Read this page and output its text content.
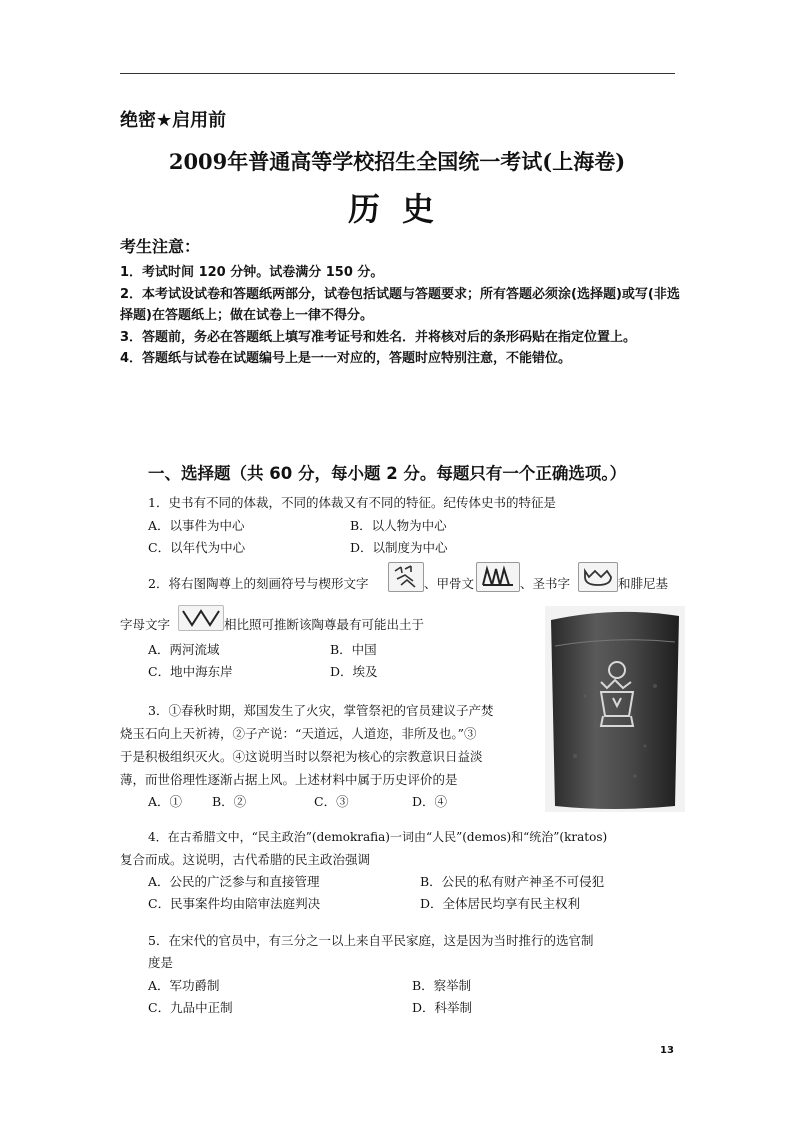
绝密★启用前
2009年普通高等学校招生全国统一考试(上海卷)
历史
考生注意：
1．考试时间 120 分钟。试卷满分 150 分。
2．本考试设试卷和答题纸两部分，试卷包括试题与答题要求；所有答题必须涂(选择题)或写(非选择题)在答题纸上；做在试卷上一律不得分。
3．答题前，务必在答题纸上填写准考证号和姓名．并将核对后的条形码贴在指定位置上。
4．答题纸与试卷在试题编号上是一一对应的，答题时应特别注意，不能错位。
一、选择题（共 60 分，每小题 2 分。每题只有一个正确选项。）
1．史书有不同的体裁，不同的体裁又有不同的特征。纪传体史书的特征是
A．以事件为中心	B．以人物为中心
C．以年代为中心	D．以制度为中心
2．将右图陶尊上的刻画符号与楔形文字	、甲骨文	、圣书字	和腓尼基
字母文字	相比照可推断该陶尊最有可能出土于
A．两河流域	B．中国
C．地中海东岸	D．埃及
3．①春秋时期，郑国发生了火灾，掌管祭祀的官员建议子产焚
烧玉石向上天祈祷，②子产说：“天道远，人道迩，非所及也。”③
于是积极组织灭火。④这说明当时以祭祀为核心的宗教意识日益淡
薄，而世俗理性逐渐占据上风。上述材料中属于历史评价的是
A．① B．②	C．③	D．④
4．在古希腊文中，“民主政治”(demokrafia)一词由“人民”(demos)和“统治”(kratos)
复合而成。这说明，古代希腊的民主政治强调
A．公民的广泛参与和直接管理	B．公民的私有财产神圣不可侵犯
C．民事案件均由陪审法庭判决	D．全体居民均享有民主权利
5．在宋代的官员中，有三分之一以上来自平民家庭，这是因为当时推行的选官制
度是
A．军功爵制	B．察举制
C．九品中正制	D．科举制
13
